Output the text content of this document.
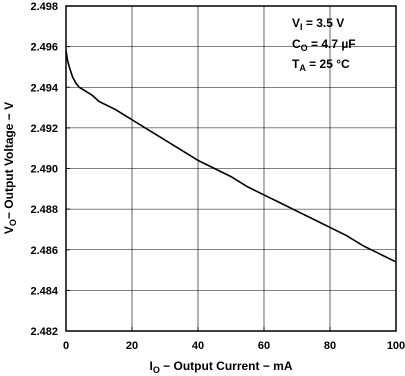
0	20	40	60	80	100
2.482
2.484
2.486
2.488
2.490
2.492
2.494
2.496
2.498
$I_O$ − Output Current − mA
$V_O-$ Output Voltage − V
$V_I = 3.5$ V
$C_O = 4.7$ µF
$T_A = 25$ °C
